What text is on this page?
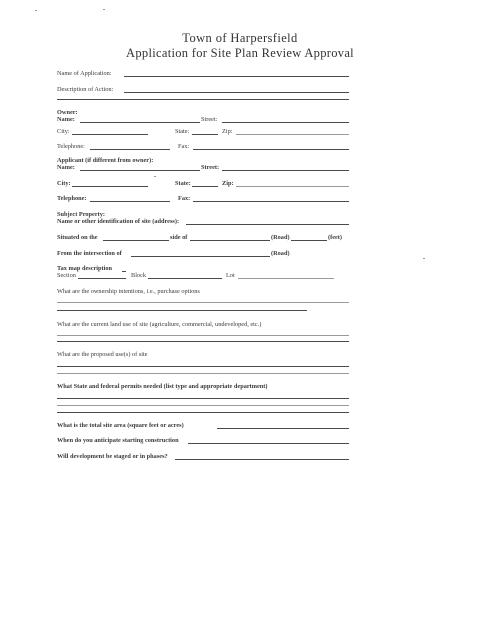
Town of Harpersfield
Application for Site Plan Review Approval
Name of Application:
Description of Action:
Owner:
Name:	Street:
City:	State:	Zip:
Telephone:	Fax:
Applicant (if different from owner):
Name:	Street:
City:	State:	Zip:
Telephone:	Fax:
Subject Property:
Name or other identification of site (address):
Situated on the	side of	(Road)	(feet)
From the intersection of	(Road)
Tax map description
Section	Block	Lot
What are the ownership intentions, i.e., purchase options
What are the current land use of site (agriculture, commercial, undeveloped, etc.)
What are the proposed use(s) of site
What State and federal permits needed (list type and appropriate department)
What is the total site area (square feet or acres)
When do you anticipate starting construction
Will development be staged or in phases?
